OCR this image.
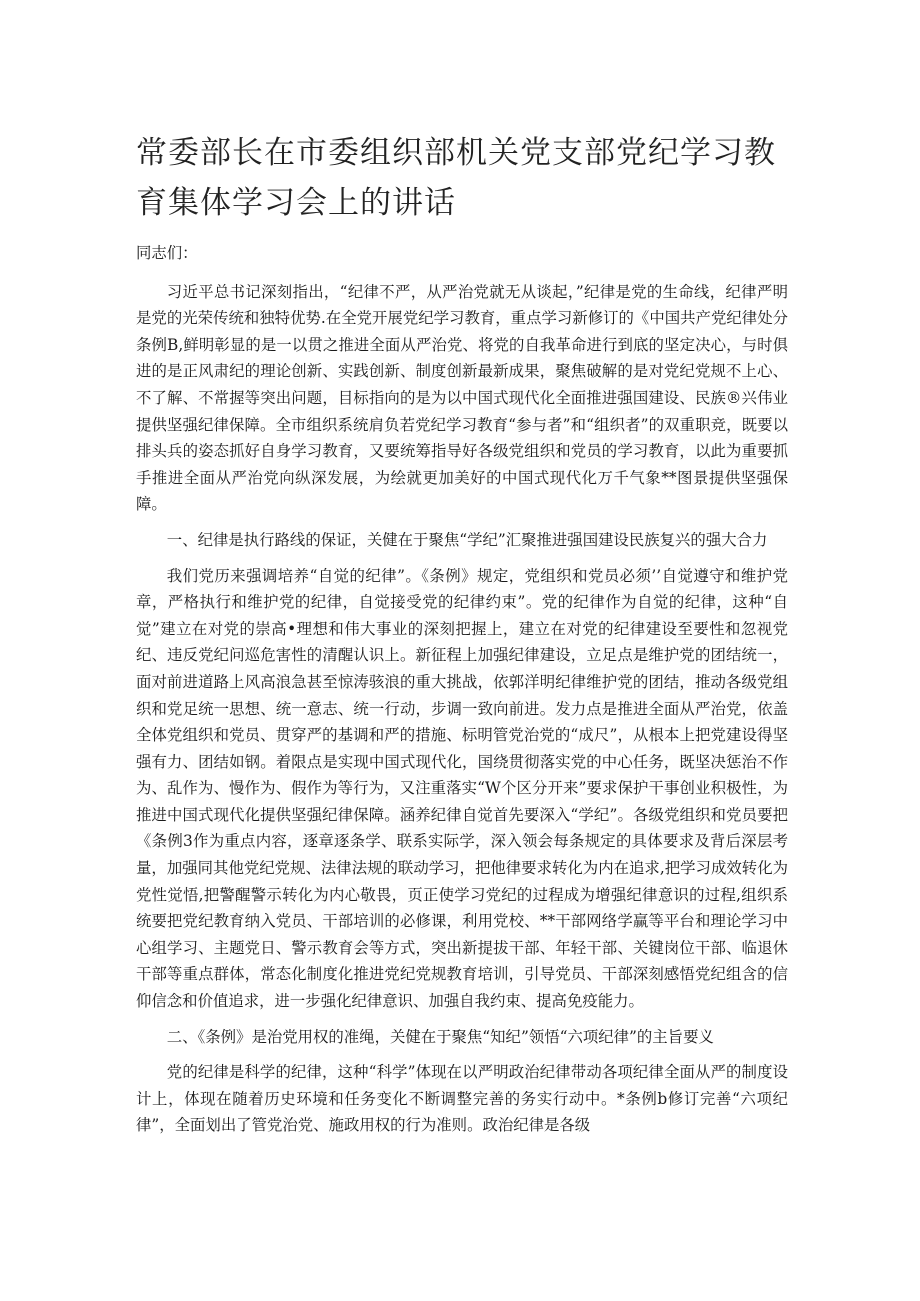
常委部长在市委组织部机关党支部党纪学习教育集体学习会上的讲话

同志们：

习近平总书记深刻指出，“纪律不严，从严治党就无从谈起，”纪律是党的生命线，纪律严明是党的光荣传统和独特优势.在全党开展党纪学习教育，重点学习新修订的《中国共产党纪律处分条例B,鲜明彰显的是一以贯之推进全面从严治党、将党的自我革命进行到底的坚定决心，与时俱进的是正风肃纪的理论创新、实践创新、制度创新最新成果，聚焦破解的是对党纪党规不上心、不了解、不常握等突出问题，目标指向的是为以中国式现代化全面推进强国建设、民族®兴伟业提供坚强纪律保障。全市组织系统肩负若党纪学习教育“参与者”和“组织者”的双重职竞，既要以排头兵的姿态抓好自身学习教育，又要统筹指导好各级党组织和党员的学习教育，以此为重要抓手推进全面从严治党向纵深发展，为绘就更加美好的中国式现代化万千气象**图景提供坚强保障。

一、纪律是执行路线的保证，关健在于聚焦“学纪”汇聚推进强国建设民族复兴的强大合力

我们党历来强调培养“自觉的纪律”。《条例》规定，党组织和党员必须’’自觉遵守和维护党章，严格执行和维护党的纪律，自觉接受党的纪律约束”。党的纪律作为自觉的纪律，这种“自觉”建立在对党的崇高•理想和伟大事业的深刻把握上，建立在对党的纪律建设至要性和忽视党纪、违反党纪问巡危害性的清醒认识上。新征程上加强纪律建设，立足点是维护党的团结统一，面对前进道路上风高浪急甚至惊涛骇浪的重大挑战，依郭洋明纪律维护党的团结，推动各级党组织和党足统一思想、统一意志、统一行动，步调一致向前进。发力点是推进全面从严治党，依盖全体党组织和党员、贯穿严的基调和严的措施、标明管党治党的“成尺”，从根本上把党建设得坚强有力、团结如钢。着限点是实现中国式现代化，国绕贯彻落实党的中心任务，既坚决惩治不作为、乱作为、慢作为、假作为等行为，又注重落实“W个区分开来”要求保护干事创业积极性，为推进中国式现代化提供坚强纪律保障。涵养纪律自觉首先要深入“学纪”。各级党组织和党员要把《条例3作为重点内容，逐章逐条学、联系实际学，深入领会每条规定的具体要求及背后深层考量，加强同其他党纪党规、法律法规的联动学习，把他律要求转化为内在追求,把学习成效转化为党性觉悟,把警醒警示转化为内心敬畏，页正使学习党纪的过程成为增强纪律意识的过程,组织系统要把党纪教育纳入党员、干部培训的必修课，利用党校、**干部网络学赢等平台和理论学习中心组学习、主题党日、警示教育会等方式，突出新提拔干部、年轻干部、关键岗位干部、临退休干部等重点群体，常态化制度化推进党纪党规教育培训，引导党员、干部深刻感悟党纪组含的信仰信念和价值追求，进一步强化纪律意识、加强自我约束、提高免疫能力。

二、《条例》是治党用权的准绳，关健在于聚焦“知纪”领悟“六项纪律”的主旨要义

党的纪律是科学的纪律，这种“科学”体现在以严明政治纪律带动各项纪律全面从严的制度设计上，体现在随着历史环境和任务变化不断调整完善的务实行动中。*条例b修订完善“六项纪律”，全面划出了管党治党、施政用权的行为准则。政治纪律是各级
